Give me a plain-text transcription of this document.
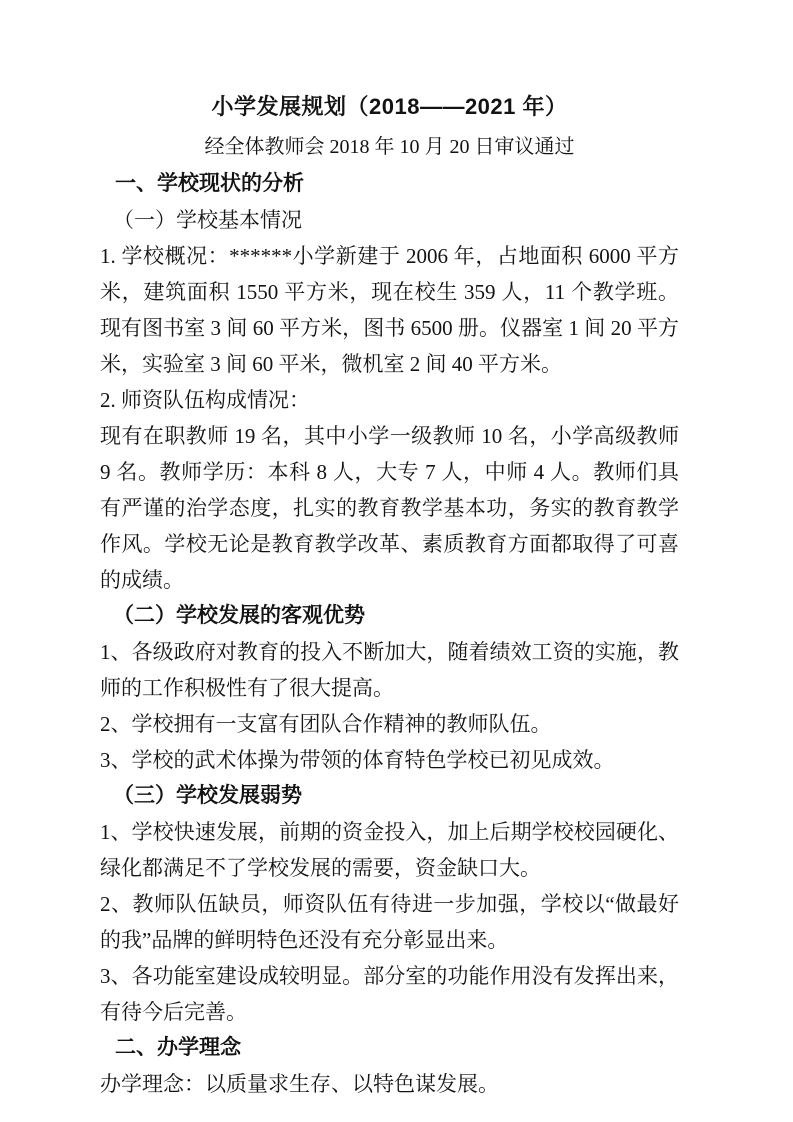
小学发展规划（2018——2021 年）
经全体教师会 2018 年 10 月 20 日审议通过
一、学校现状的分析
（一）学校基本情况
1. 学校概况：******小学新建于 2006 年，占地面积 6000 平方米，建筑面积 1550 平方米，现在校生 359 人，11 个教学班。现有图书室 3 间 60 平方米，图书 6500 册。仪器室 1 间 20 平方米，实验室 3 间 60 平米，微机室 2 间 40 平方米。
2. 师资队伍构成情况：
现有在职教师 19 名，其中小学一级教师 10 名，小学高级教师 9 名。教师学历：本科 8 人，大专 7 人，中师 4 人。教师们具有严谨的治学态度，扎实的教育教学基本功，务实的教育教学作风。学校无论是教育教学改革、素质教育方面都取得了可喜的成绩。
（二）学校发展的客观优势
1、各级政府对教育的投入不断加大，随着绩效工资的实施，教师的工作积极性有了很大提高。
2、学校拥有一支富有团队合作精神的教师队伍。
3、学校的武术体操为带领的体育特色学校已初见成效。
（三）学校发展弱势
1、学校快速发展，前期的资金投入，加上后期学校校园硬化、绿化都满足不了学校发展的需要，资金缺口大。
2、教师队伍缺员，师资队伍有待进一步加强，学校以“做最好的我”品牌的鲜明特色还没有充分彰显出来。
3、各功能室建设成较明显。部分室的功能作用没有发挥出来，有待今后完善。
二、办学理念
办学理念：以质量求生存、以特色谋发展。
